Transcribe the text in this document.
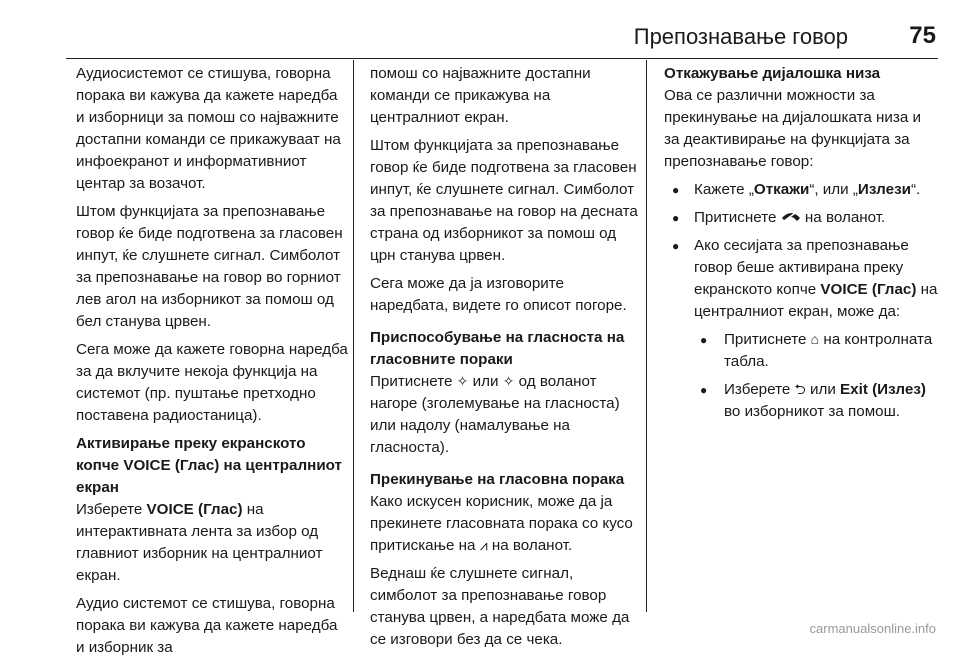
Препознавање говор	75

Аудиосистемот се стишува, говорна порака ви кажува да кажете наредба и изборници за помош со најважните достапни команди се прикажуваат на инфоекранот и информативниот центар за возачот.

Штом функцијата за препознавање говор ќе биде подготвена за гласовен инпут, ќе слушнете сигнал. Симболот за препознавање на говор во горниот лев агол на изборникот за помош од бел станува црвен.

Сега може да кажете говорна наредба за да вклучите некоја функција на системот (пр. пуштање претходно поставена радиостаница).

Активирање преку екранското копче VOICE (Глас) на централниот екран

Изберете VOICE (Глас) на интерактивната лента за избор од главниот изборник на централниот екран.

Аудио системот се стишува, говорна порака ви кажува да кажете наредба и изборник за

помош со најважните достапни команди се прикажува на централниот екран.

Штом функцијата за препознавање говор ќе биде подготвена за гласовен инпут, ќе слушнете сигнал. Симболот за препознавање на говор на десната страна од изборникот за помош од црн станува црвен.

Сега може да ја изговорите наредбата, видете го описот погоре.

Приспособување на гласноста на гласовните пораки

Притиснете ✧ или ✧ од воланот нагоре (зголемување на гласноста) или надолу (намалување на гласноста).

Прекинување на гласовна порака

Како искусен корисник, може да ја прекинете гласовната порака со кусо притискање на ⩘ на воланот.

Веднаш ќе слушнете сигнал, симболот за препознавање говор станува црвен, а наредбата може да се изговори без да се чека.

Откажување дијалошка низа

Ова се различни можности за прекинување на дијалошката низа и за деактивирање на функцијата за препознавање говор:

● Кажете „Откажи“, или „Излези“.
● Притиснете  на воланот.
● Ако сесијата за препознавање говор беше активирана преку екранското копче VOICE (Глас) на централниот екран, може да:
● Притиснете ⌂ на контролната табла.
● Изберете ⮌ или Exit (Излез) во изборникот за помош.
carmanualsonline.info
